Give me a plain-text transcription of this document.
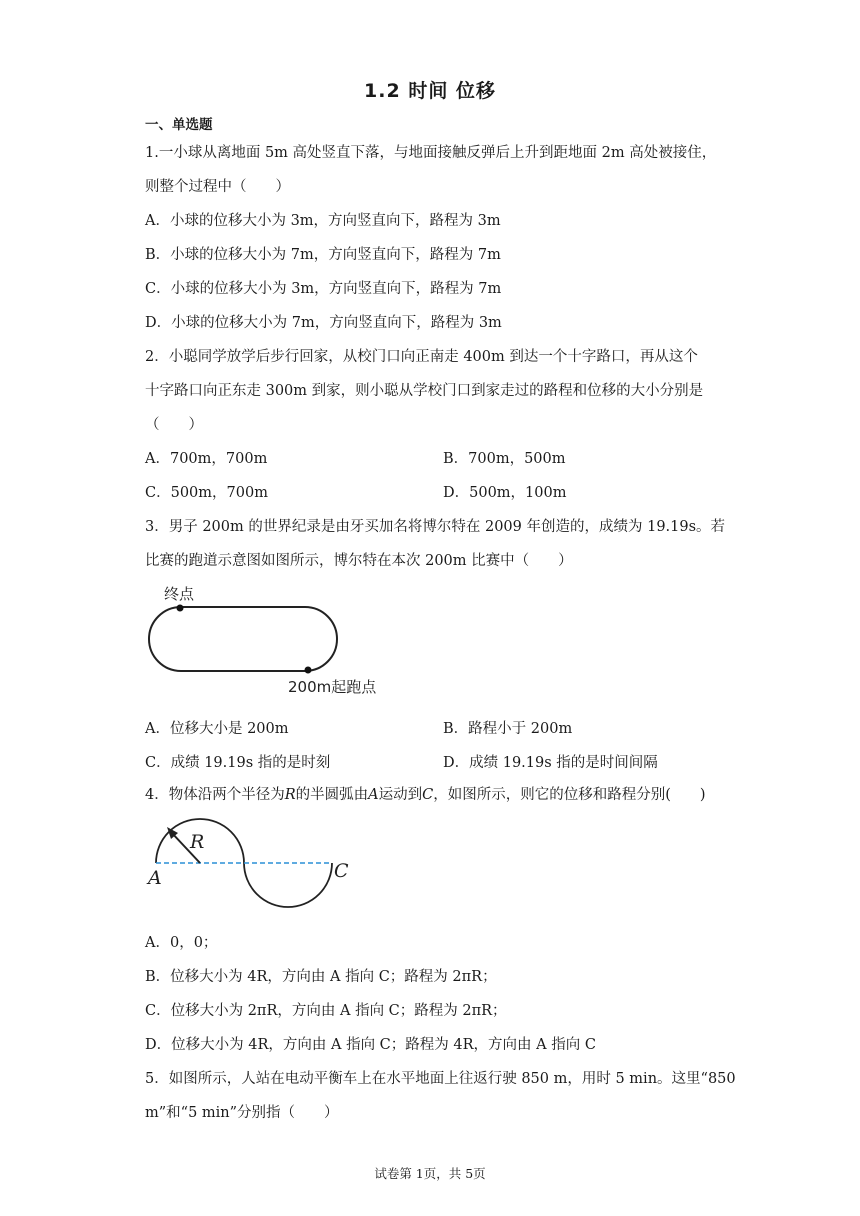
1.2 时间 位移
一、单选题
1.一小球从离地面 5m 高处竖直下落，与地面接触反弹后上升到距地面 2m 高处被接住，
则整个过程中（　　）
A．小球的位移大小为 3m，方向竖直向下，路程为 3m
B．小球的位移大小为 7m，方向竖直向下，路程为 7m
C．小球的位移大小为 3m，方向竖直向下，路程为 7m
D．小球的位移大小为 7m，方向竖直向下，路程为 3m
2．小聪同学放学后步行回家，从校门口向正南走 400m 到达一个十字路口，再从这个
十字路口向正东走 300m 到家，则小聪从学校门口到家走过的路程和位移的大小分别是
（　　）
A．700m，700m	B．700m，500m
C．500m，700m	D．500m，100m
3．男子 200m 的世界纪录是由牙买加名将博尔特在 2009 年创造的，成绩为 19.19s。若
比赛的跑道示意图如图所示，博尔特在本次 200m 比赛中（　　）
终点
200m起跑点
A．位移大小是 200m	B．路程小于 200m
C．成绩 19.19s 指的是时刻	D．成绩 19.19s 指的是时间间隔
4．物体沿两个半径为R的半圆弧由A运动到C，如图所示，则它的位移和路程分别(　　)
R
A	C
A．0，0；
B．位移大小为 4R，方向由 A 指向 C；路程为 2πR；
C．位移大小为 2πR，方向由 A 指向 C；路程为 2πR；
D．位移大小为 4R，方向由 A 指向 C；路程为 4R，方向由 A 指向 C
5．如图所示，人站在电动平衡车上在水平地面上往返行驶 850 m，用时 5 min。这里“850
m”和“5 min”分别指（　　）
试卷第 1页，共 5页
